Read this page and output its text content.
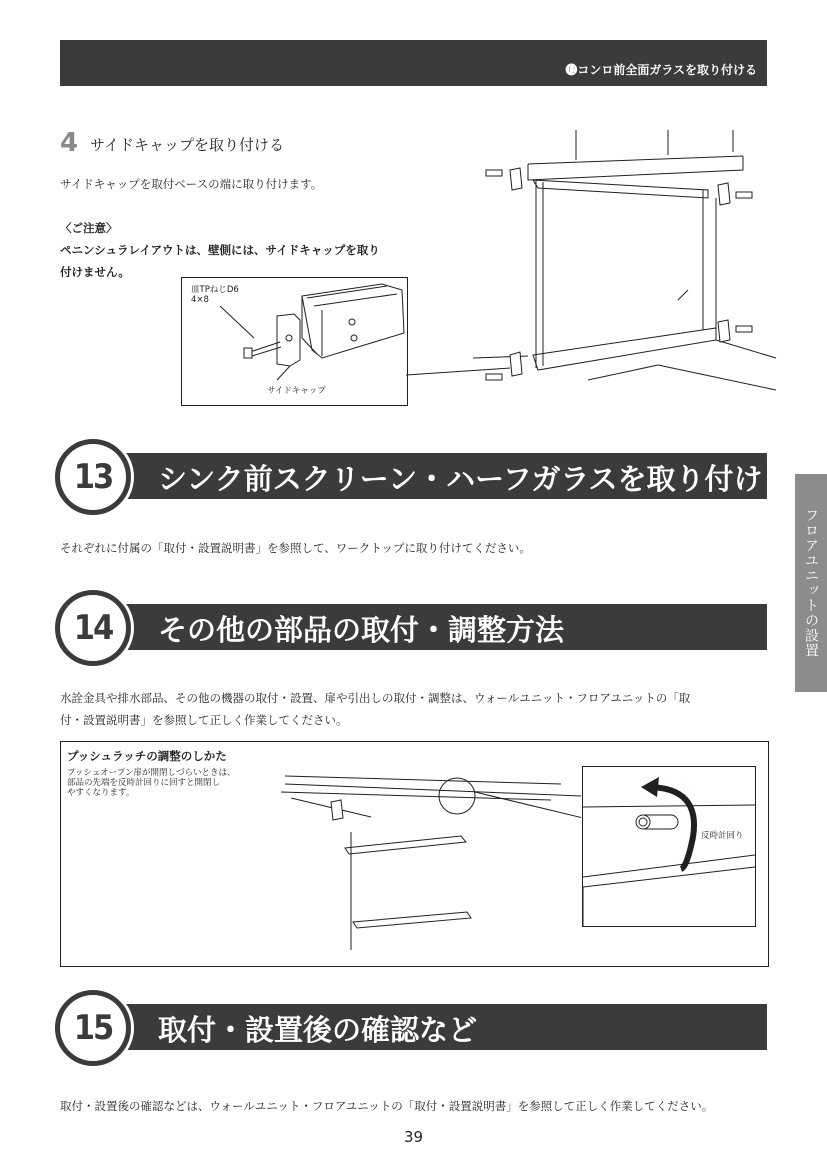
⓬コンロ前全面ガラスを取り付ける
フロアユニットの設置
4 サイドキャップを取り付ける
サイドキャップを取付ベースの端に取り付けます。
〈ご注意〉
ペニンシュラレイアウトは、壁側には、サイドキャップを取り
付けません。
皿TPねじD6
4×8
サイドキャップ
シンク前スクリーン・ハーフガラスを取り付ける
13
それぞれに付属の「取付・設置説明書」を参照して、ワークトップに取り付けてください。
その他の部品の取付・調整方法
14
水詮金具や排水部品、その他の機器の取付・設置、扉や引出しの取付・調整は、ウォールユニット・フロアユニットの「取
付・設置説明書」を参照して正しく作業してください。
プッシュラッチの調整のしかた
プッシュオープン扉が開閉しづらいときは、
部品の先端を反時計回りに回すと開閉し
やすくなります。
反時計回り
取付・設置後の確認など
15
取付・設置後の確認などは、ウォールユニット・フロアユニットの「取付・設置説明書」を参照して正しく作業してください。
39
